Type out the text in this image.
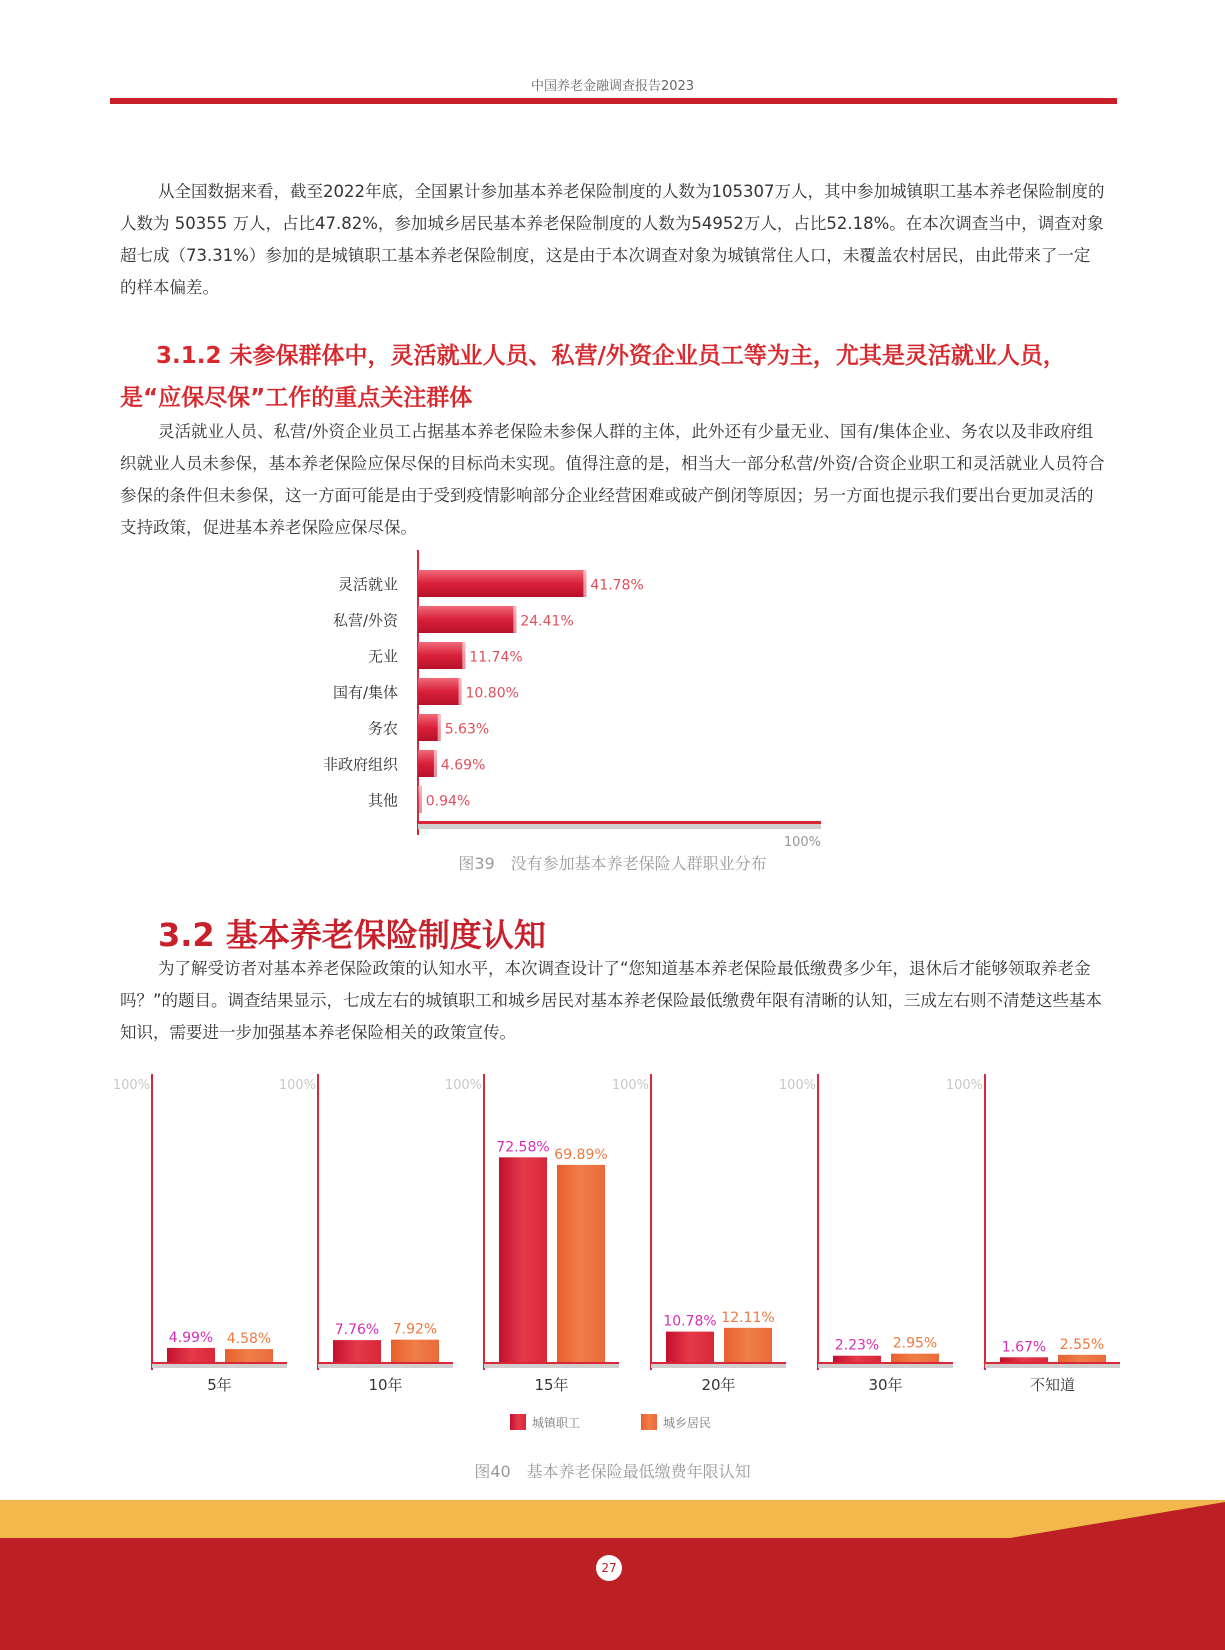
中国养老金融调查报告2023

从全国数据来看，截至2022年底，全国累计参加基本养老保险制度的人数为105307万人，其中参加城镇职工基本养老保险制度的人数为 50355 万人，占比47.82%，参加城乡居民基本养老保险制度的人数为54952万人，占比52.18%。在本次调查当中，调查对象超七成（73.31%）参加的是城镇职工基本养老保险制度，这是由于本次调查对象为城镇常住人口，未覆盖农村居民，由此带来了一定的样本偏差。

3.1.2 未参保群体中，灵活就业人员、私营/外资企业员工等为主，尤其是灵活就业人员，是“应保尽保”工作的重点关注群体

灵活就业人员、私营/外资企业员工占据基本养老保险未参保人群的主体，此外还有少量无业、国有/集体企业、务农以及非政府组织就业人员未参保，基本养老保险应保尽保的目标尚未实现。值得注意的是，相当大一部分私营/外资/合资企业职工和灵活就业人员符合参保的条件但未参保，这一方面可能是由于受到疫情影响部分企业经营困难或破产倒闭等原因；另一方面也提示我们要出台更加灵活的支持政策，促进基本养老保险应保尽保。

灵活就业	41.78%
私营/外资	24.41%
无业	11.74%
国有/集体	10.80%
务农	5.63%
非政府组织	4.69%
其他 0.94%
100%
图39　没有参加基本养老保险人群职业分布
3.2 基本养老保险制度认知

为了解受访者对基本养老保险政策的认知水平，本次调查设计了“您知道基本养老保险最低缴费多少年，退休后才能够领取养老金吗？”的题目。调查结果显示，七成左右的城镇职工和城乡居民对基本养老保险最低缴费年限有清晰的认知，三成左右则不清楚这些基本知识，需要进一步加强基本养老保险相关的政策宣传。

100%
4.99% 4.58%
5年
100%
7.76% 7.92%
10年
100%
72.58% 69.89%
15年
100%
10.78% 12.11%
20年
100%
2.23% 2.95%
30年
100%
1.67% 2.55%
不知道
城镇职工	城乡居民
图40　基本养老保险最低缴费年限认知
27
